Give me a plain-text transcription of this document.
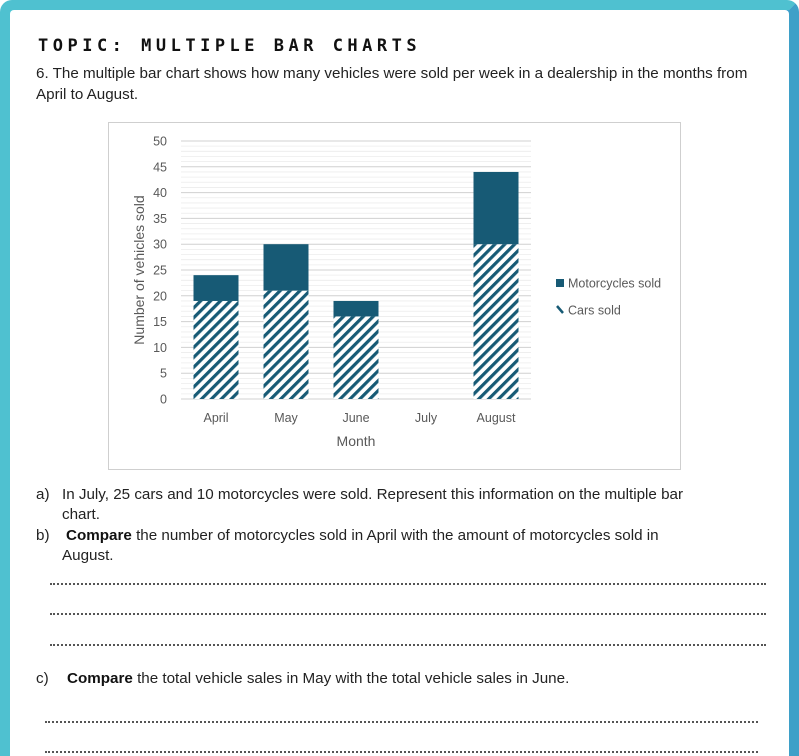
TOPIC: MULTIPLE BAR CHARTS
6. The multiple bar chart shows how many vehicles were sold per week in a dealership in the months from April to August.
0
5
10
15
20
25
30
35
40
45
50
April	May	June	July	August
Month
Number of vehicles sold	Motorcycles sold
Cars sold
a) In July, 25 cars and 10 motorcycles were sold. Represent this information on the multiple bar
chart.
b) Compare the number of motorcycles sold in April with the amount of motorcycles sold in
August.
c) Compare the total vehicle sales in May with the total vehicle sales in June.
